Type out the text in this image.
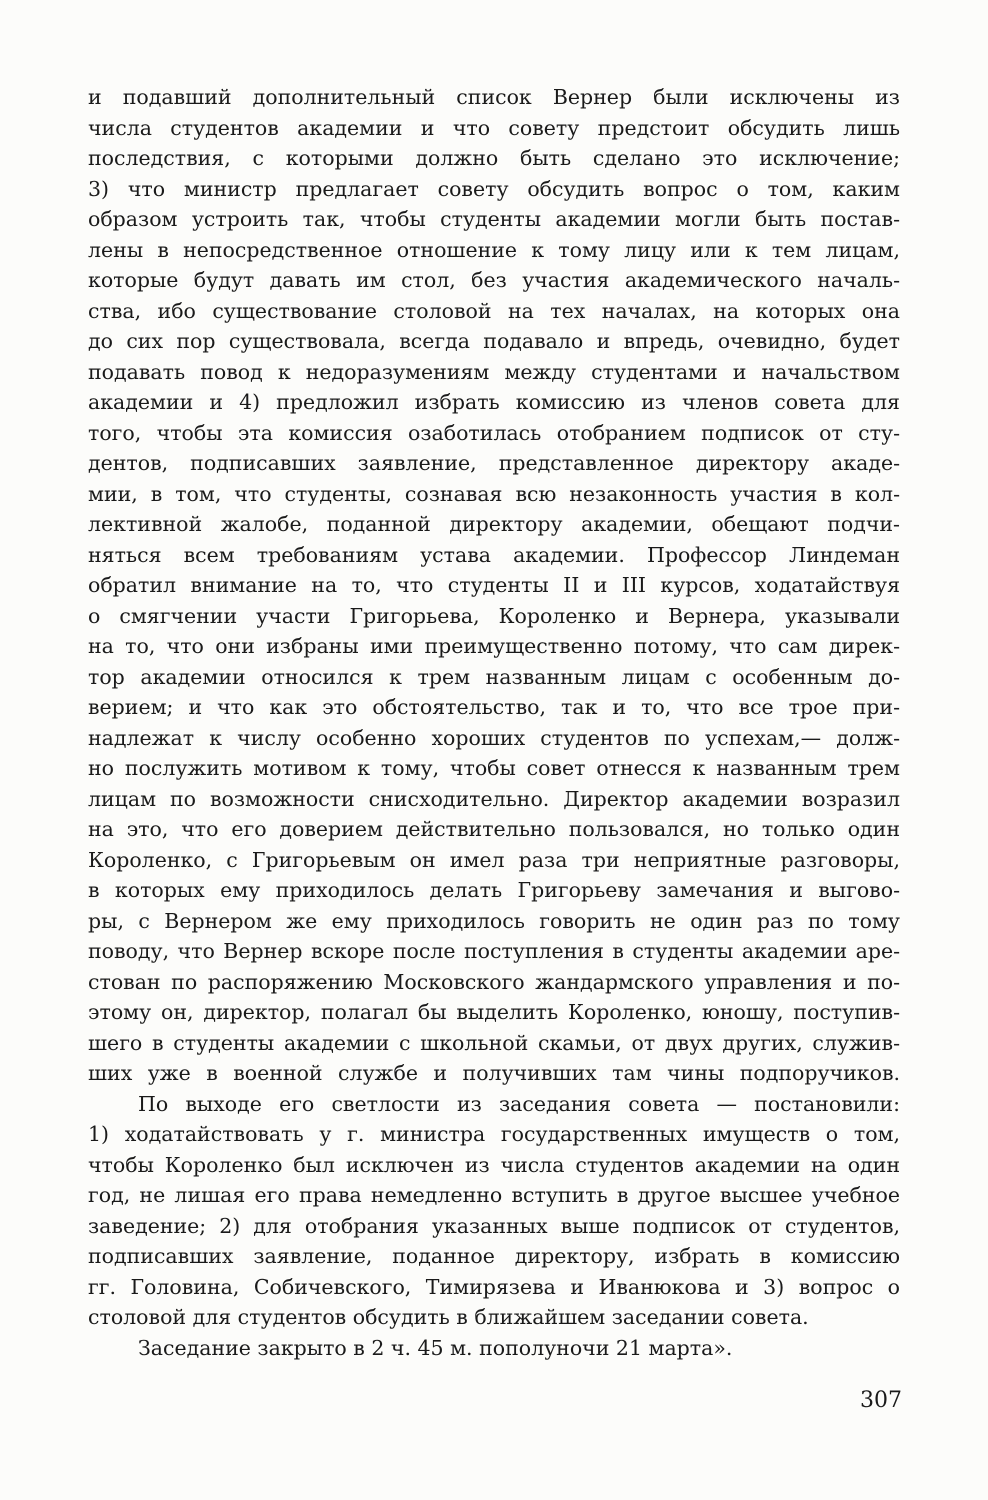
и подавший дополнительный список Вернер были исключены из
числа студентов академии и что совету предстоит обсудить лишь
последствия, с которыми должно быть сделано это исключение;
3) что министр предлагает совету обсудить вопрос о том, каким
образом устроить так, чтобы студенты академии могли быть постав-
лены в непосредственное отношение к тому лицу или к тем лицам,
которые будут давать им стол, без участия академического началь-
ства, ибо существование столовой на тех началах, на которых она
до сих пор существовала, всегда подавало и впредь, очевидно, будет
подавать повод к недоразумениям между студентами и начальством
академии и 4) предложил избрать комиссию из членов совета для
того, чтобы эта комиссия озаботилась отобранием подписок от сту-
дентов, подписавших заявление, представленное директору акаде-
мии, в том, что студенты, сознавая всю незаконность участия в кол-
лективной жалобе, поданной директору академии, обещают подчи-
няться всем требованиям устава академии. Профессор Линдеман
обратил внимание на то, что студенты II и III курсов, ходатайствуя
о смягчении участи Григорьева, Короленко и Вернера, указывали
на то, что они избраны ими преимущественно потому, что сам дирек-
тор академии относился к трем названным лицам с особенным до-
верием; и что как это обстоятельство, так и то, что все трое при-
надлежат к числу особенно хороших студентов по успехам,— долж-
но послужить мотивом к тому, чтобы совет отнесся к названным трем
лицам по возможности снисходительно. Директор академии возразил
на это, что его доверием действительно пользовался, но только один
Короленко, с Григорьевым он имел раза три неприятные разговоры,
в которых ему приходилось делать Григорьеву замечания и выгово-
ры, с Вернером же ему приходилось говорить не один раз по тому
поводу, что Вернер вскоре после поступления в студенты академии аре-
стован по распоряжению Московского жандармского управления и по-
этому он, директор, полагал бы выделить Короленко, юношу, поступив-
шего в студенты академии с школьной скамьи, от двух других, служив-
ших уже в военной службе и получивших там чины подпоручиков.
По выходе его светлости из заседания совета — постановили:
1) ходатайствовать у г. министра государственных имуществ о том,
чтобы Короленко был исключен из числа студентов академии на один
год, не лишая его права немедленно вступить в другое высшее учебное
заведение; 2) для отобрания указанных выше подписок от студентов,
подписавших заявление, поданное директору, избрать в комиссию
гг. Головина, Собичевского, Тимирязева и Иванюкова и 3) вопрос о
столовой для студентов обсудить в ближайшем заседании совета.
Заседание закрыто в 2 ч. 45 м. пополуночи 21 марта».
307
